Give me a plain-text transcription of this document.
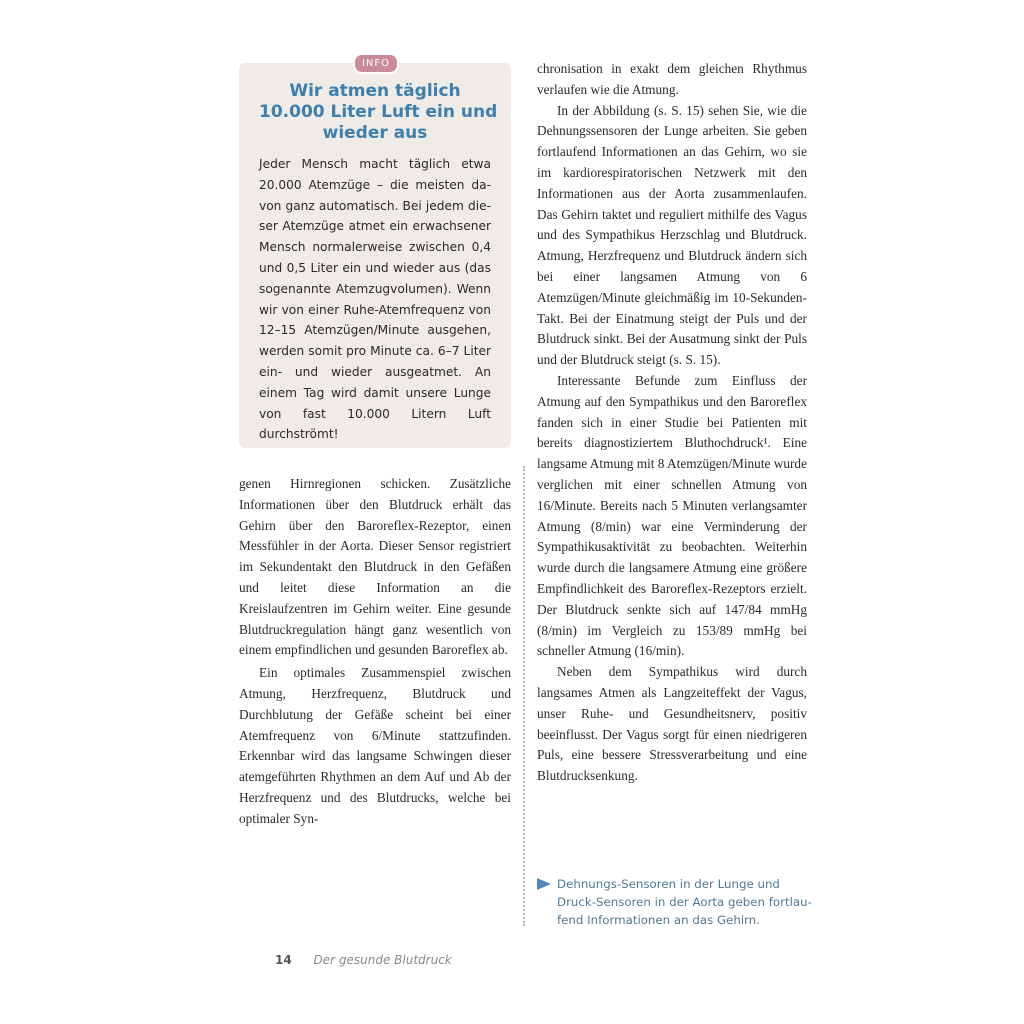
Wir atmen täglich
10.000 Liter Luft ein und
wieder aus

Jeder Mensch macht täglich etwa 20.000 Atemzüge – die meisten da-von ganz automatisch. Bei jedem die-ser Atemzüge atmet ein erwachsener Mensch normalerweise zwischen 0,4 und 0,5 Liter ein und wieder aus (das sogenannte Atemzugvolumen). Wenn wir von einer Ruhe-Atemfrequenz von 12–15 Atemzügen/Minute ausgehen, werden somit pro Minute ca. 6–7 Liter ein- und wieder ausgeatmet. An einem Tag wird damit unsere Lunge von fast 10.000 Litern Luft durchströmt!

INFO

genen Hirnregionen schicken. Zusätzliche Informationen über den Blutdruck erhält das Gehirn über den Baroreflex-Rezeptor, einen Messfühler in der Aorta. Dieser Sensor registriert im Sekundentakt den Blutdruck in den Gefäßen und leitet diese Information an die Kreislaufzentren im Gehirn weiter. Eine gesunde Blutdruckregulation hängt ganz wesentlich von einem empfindlichen und gesunden Baroreflex ab.

Ein optimales Zusammenspiel zwischen Atmung, Herzfrequenz, Blutdruck und Durchblutung der Gefäße scheint bei einer Atemfrequenz von 6/Minute stattzufinden. Erkennbar wird das langsame Schwingen dieser atemgeführten Rhythmen an dem Auf und Ab der Herzfrequenz und des Blutdrucks, welche bei optimaler Syn-

chronisation in exakt dem gleichen Rhythmus verlaufen wie die Atmung.

In der Abbildung (s. S. 15) sehen Sie, wie die Dehnungssensoren der Lunge arbeiten. Sie geben fortlaufend Informationen an das Gehirn, wo sie im kardiorespiratorischen Netzwerk mit den Informationen aus der Aorta zusammenlaufen. Das Gehirn taktet und reguliert mithilfe des Vagus und des Sympathikus Herzschlag und Blutdruck. Atmung, Herzfrequenz und Blutdruck ändern sich bei einer langsamen Atmung von 6 Atemzügen/Minute gleichmäßig im 10-Sekunden-Takt. Bei der Einatmung steigt der Puls und der Blutdruck sinkt. Bei der Ausatmung sinkt der Puls und der Blutdruck steigt (s. S. 15).

Interessante Befunde zum Einfluss der Atmung auf den Sympathikus und den Baroreflex fanden sich in einer Studie bei Patienten mit bereits diagnostiziertem Bluthochdruck¹. Eine langsame Atmung mit 8 Atemzügen/Minute wurde verglichen mit einer schnellen Atmung von 16/Minute. Bereits nach 5 Minuten verlangsamter Atmung (8/min) war eine Verminderung der Sympathikusaktivität zu beobachten. Weiterhin wurde durch die langsamere Atmung eine größere Empfindlichkeit des Baroreflex-Rezeptors erzielt. Der Blutdruck senkte sich auf 147/84 mmHg (8/min) im Vergleich zu 153/89 mmHg bei schneller Atmung (16/min).

Neben dem Sympathikus wird durch langsames Atmen als Langzeiteffekt der Vagus, unser Ruhe- und Gesundheitsnerv, positiv beeinflusst. Der Vagus sorgt für einen niedrigeren Puls, eine bessere Stressverarbeitung und eine Blutdrucksenkung.

Dehnungs-Sensoren in der Lunge und
Druck-Sensoren in der Aorta geben fortlau-
fend Informationen an das Gehirn.
14 Der gesunde Blutdruck
